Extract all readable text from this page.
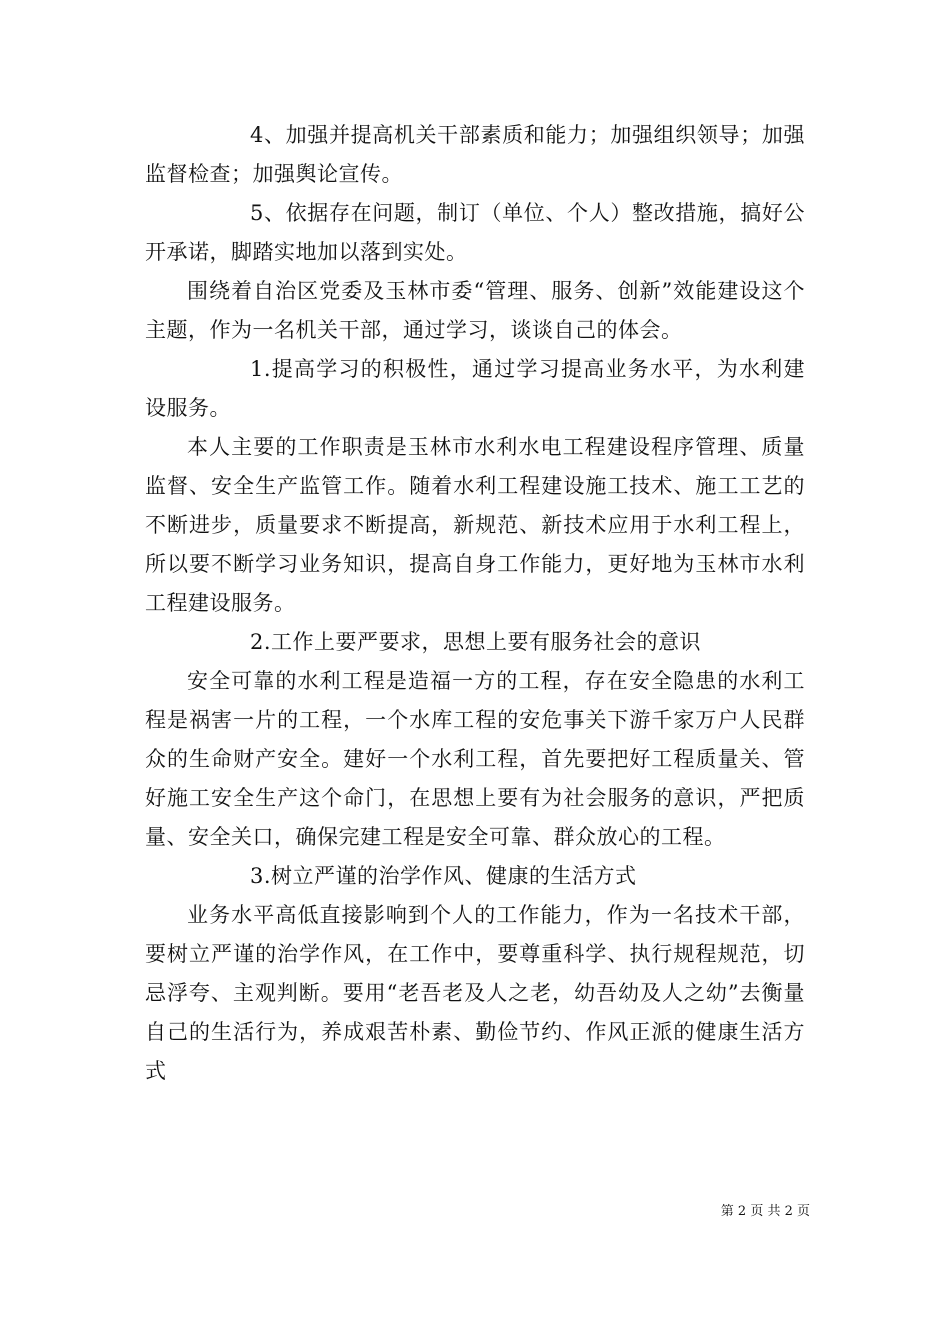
4、加强并提高机关干部素质和能力；加强组织领导；加强监督检查；加强舆论宣传。

5、依据存在问题，制订（单位、个人）整改措施，搞好公开承诺，脚踏实地加以落到实处。

围绕着自治区党委及玉林市委“管理、服务、创新”效能建设这个主题，作为一名机关干部，通过学习，谈谈自己的体会。

1.提高学习的积极性，通过学习提高业务水平，为水利建设服务。

本人主要的工作职责是玉林市水利水电工程建设程序管理、质量监督、安全生产监管工作。随着水利工程建设施工技术、施工工艺的不断进步，质量要求不断提高，新规范、新技术应用于水利工程上，所以要不断学习业务知识，提高自身工作能力，更好地为玉林市水利工程建设服务。

2.工作上要严要求，思想上要有服务社会的意识

安全可靠的水利工程是造福一方的工程，存在安全隐患的水利工程是祸害一片的工程，一个水库工程的安危事关下游千家万户人民群众的生命财产安全。建好一个水利工程，首先要把好工程质量关、管好施工安全生产这个命门，在思想上要有为社会服务的意识，严把质量、安全关口，确保完建工程是安全可靠、群众放心的工程。

3.树立严谨的治学作风、健康的生活方式

业务水平高低直接影响到个人的工作能力，作为一名技术干部，要树立严谨的治学作风，在工作中，要尊重科学、执行规程规范，切忌浮夸、主观判断。要用“老吾老及人之老，幼吾幼及人之幼”去衡量自己的生活行为，养成艰苦朴素、勤俭节约、作风正派的健康生活方式

第 2 页 共 2 页
